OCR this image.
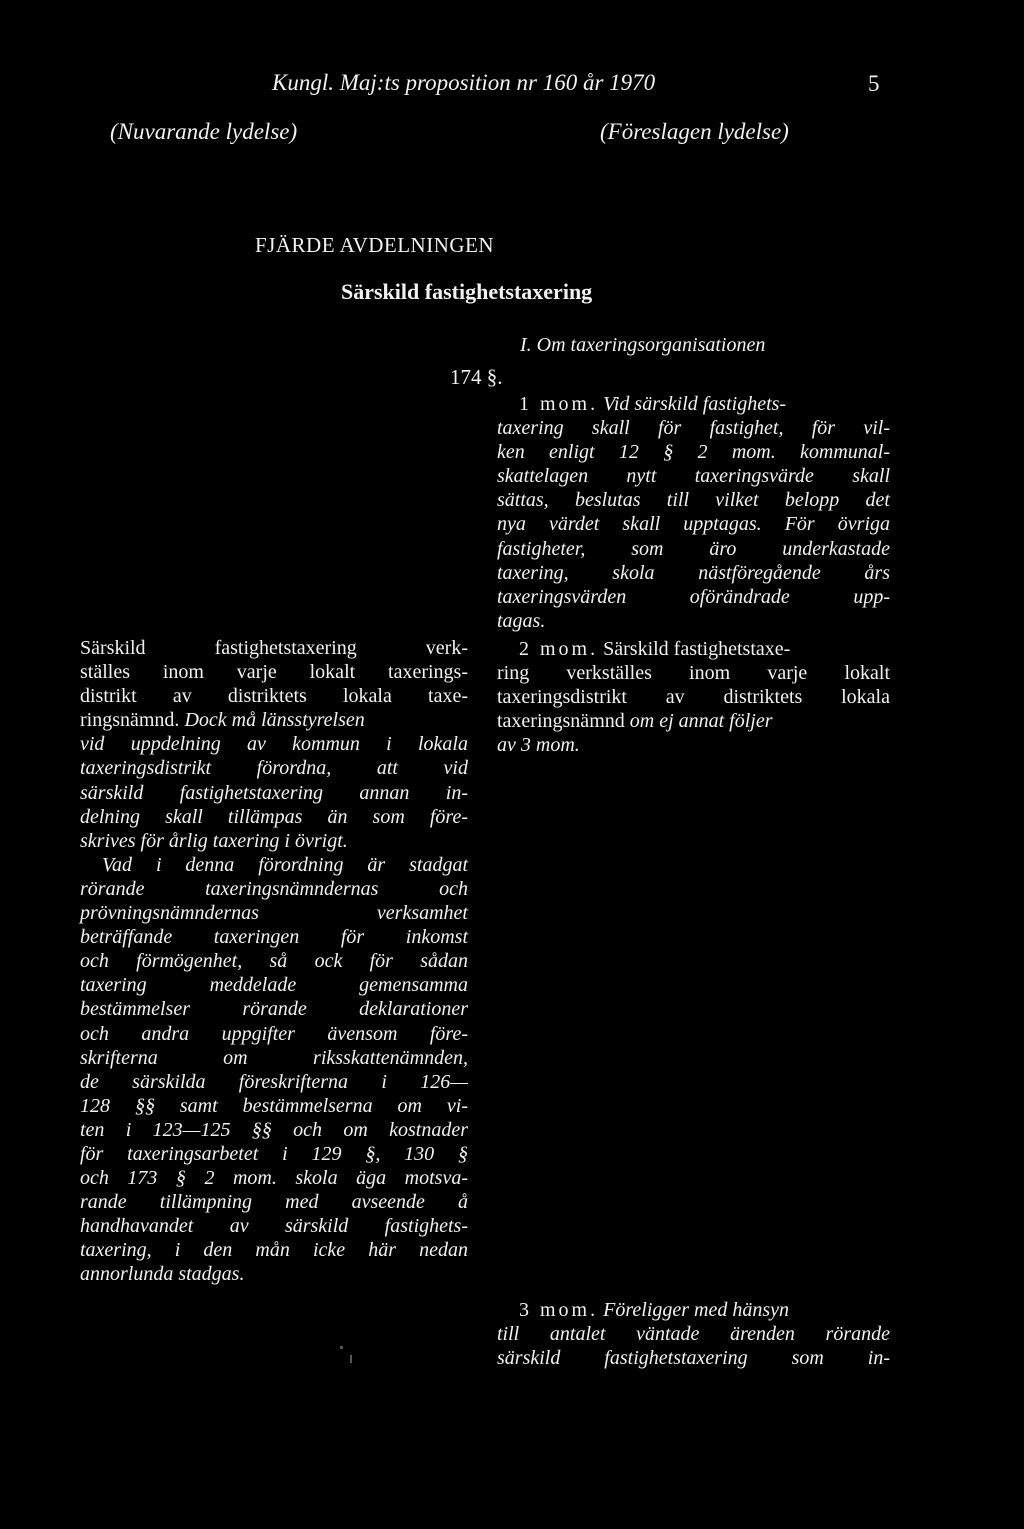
Kungl. Maj:ts proposition nr 160 år 1970	5
(Nuvarande lydelse)	(Föreslagen lydelse)
FJÄRDE AVDELNINGEN
Särskild fastighetstaxering
I. Om taxeringsorganisationen
174 §.
Särskild fastighetstaxering verk-
ställes inom varje lokalt taxerings-
distrikt av distriktets lokala taxe-
ringsnämnd. Dock må länsstyrelsen
vid uppdelning av kommun i lokala
taxeringsdistrikt förordna, att vid
särskild fastighetstaxering annan in-
delning skall tillämpas än som före-
skrives för årlig taxering i övrigt.
Vad i denna förordning är stadgat
rörande taxeringsnämndernas och
prövningsnämndernas verksamhet
beträffande taxeringen för inkomst
och förmögenhet, så ock för sådan
taxering meddelade gemensamma
bestämmelser rörande deklarationer
och andra uppgifter ävensom före-
skrifterna om riksskattenämnden,
de särskilda föreskrifterna i 126—
128 §§ samt bestämmelserna om vi-
ten i 123—125 §§ och om kostnader
för taxeringsarbetet i 129 §, 130 §
och 173 § 2 mom. skola äga motsva-
rande tillämpning med avseende å
handhavandet av särskild fastighets-
taxering, i den mån icke här nedan
annorlunda stadgas.
1 mom. Vid särskild fastighets-
taxering skall för fastighet, för vil-
ken enligt 12 § 2 mom. kommunal-
skattelagen nytt taxeringsvärde skall
sättas, beslutas till vilket belopp det
nya värdet skall upptagas. För övriga
fastigheter, som äro underkastade
taxering, skola nästföregående års
taxeringsvärden oförändrade upp-
tagas.
2 mom. Särskild fastighetstaxe-
ring verkställes inom varje lokalt
taxeringsdistrikt av distriktets lokala
taxeringsnämnd om ej annat följer
av 3 mom.
3 mom. Föreligger med hänsyn
till antalet väntade ärenden rörande
särskild fastighetstaxering som in-
